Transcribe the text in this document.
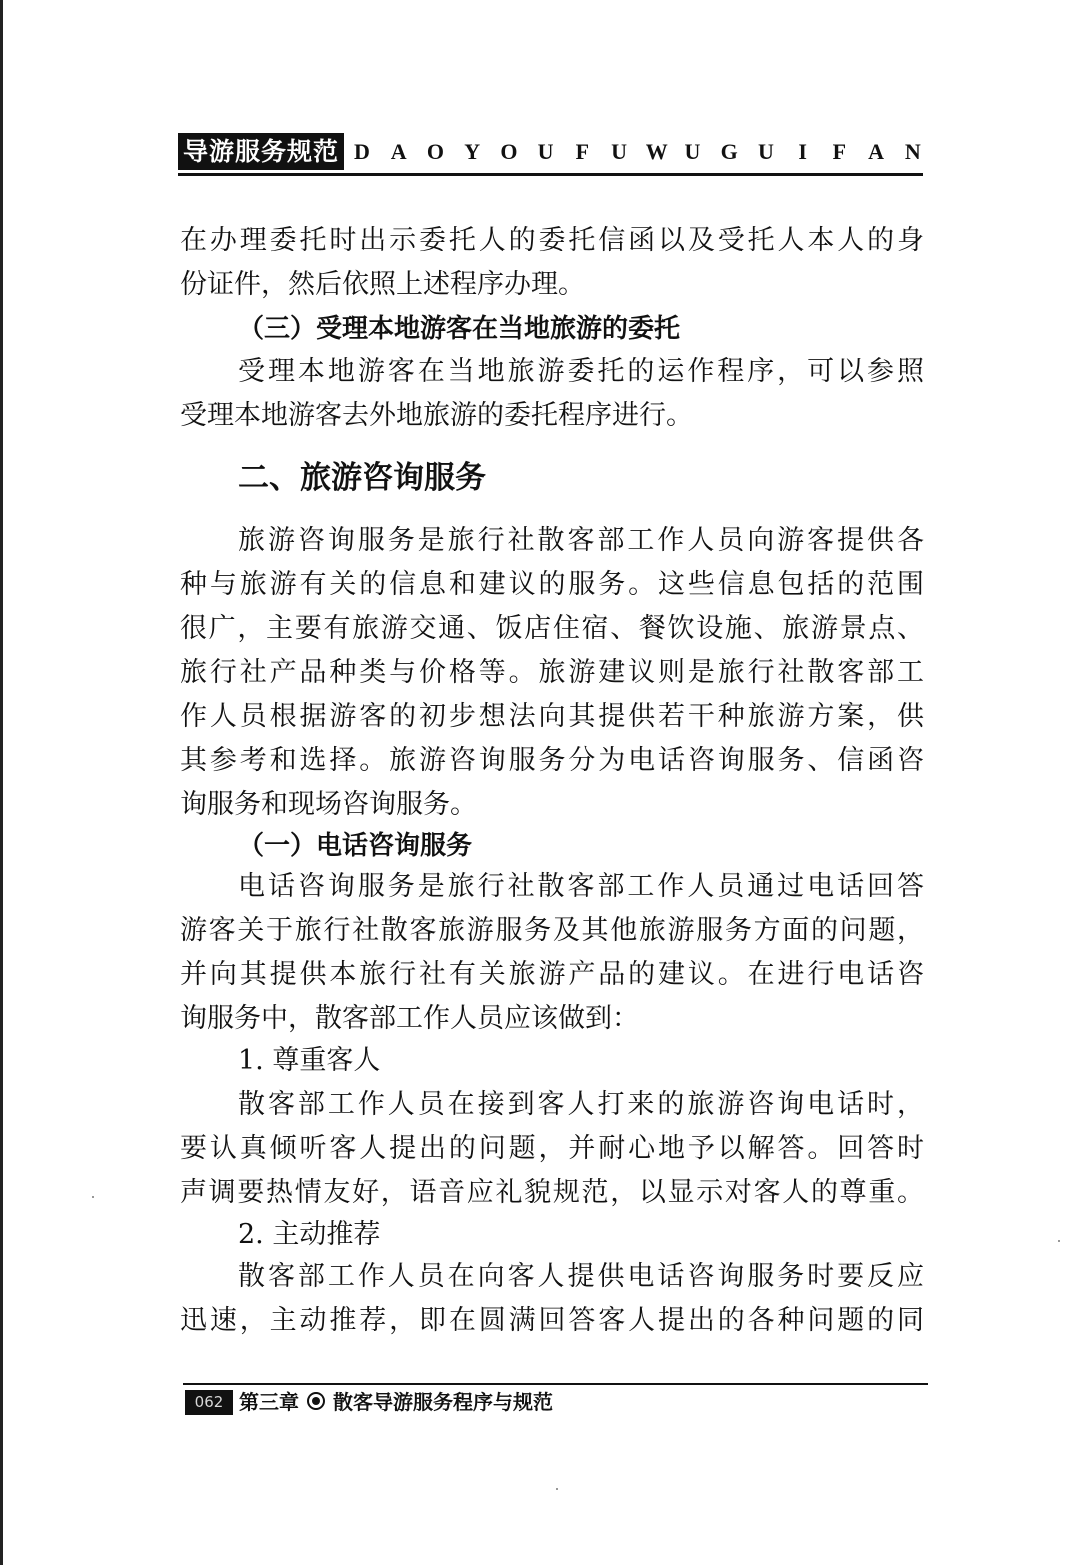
导游服务规范 D A O Y O U F U W U G U I F A N
在办理委托时出示委托人的委托信函以及受托人本人的身
份证件，然后依照上述程序办理。
（三）受理本地游客在当地旅游的委托
受理本地游客在当地旅游委托的运作程序，可以参照
受理本地游客去外地旅游的委托程序进行。
二、旅游咨询服务
旅游咨询服务是旅行社散客部工作人员向游客提供各
种与旅游有关的信息和建议的服务。这些信息包括的范围
很广，主要有旅游交通、饭店住宿、餐饮设施、旅游景点、
旅行社产品种类与价格等。旅游建议则是旅行社散客部工
作人员根据游客的初步想法向其提供若干种旅游方案，供
其参考和选择。旅游咨询服务分为电话咨询服务、信函咨
询服务和现场咨询服务。
（一）电话咨询服务
电话咨询服务是旅行社散客部工作人员通过电话回答
游客关于旅行社散客旅游服务及其他旅游服务方面的问题，
并向其提供本旅行社有关旅游产品的建议。在进行电话咨
询服务中，散客部工作人员应该做到：
1. 尊重客人
散客部工作人员在接到客人打来的旅游咨询电话时，
要认真倾听客人提出的问题，并耐心地予以解答。回答时
声调要热情友好，语音应礼貌规范，以显示对客人的尊重。
2. 主动推荐
散客部工作人员在向客人提供电话咨询服务时要反应
迅速，主动推荐，即在圆满回答客人提出的各种问题的同
062 第三章 散客导游服务程序与规范
